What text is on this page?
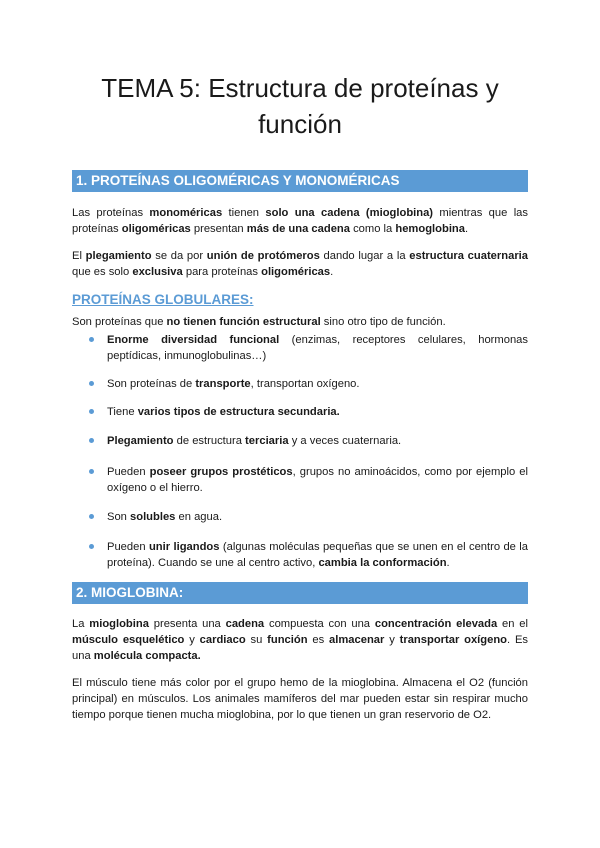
TEMA 5: Estructura de proteínas y función
1. PROTEÍNAS OLIGOMÉRICAS Y MONOMÉRICAS

Las proteínas monoméricas tienen solo una cadena (mioglobina) mientras que las proteínas oligoméricas presentan más de una cadena como la hemoglobina.

El plegamiento se da por unión de protómeros dando lugar a la estructura cuaternaria que es solo exclusiva para proteínas oligoméricas.

PROTEÍNAS GLOBULARES:

Son proteínas que no tienen función estructural sino otro tipo de función.

Enorme diversidad funcional (enzimas, receptores celulares, hormonas peptídicas, inmunoglobulinas…)
Son proteínas de transporte, transportan oxígeno.
Tiene varios tipos de estructura secundaria.
Plegamiento de estructura terciaria y a veces cuaternaria.
Pueden poseer grupos prostéticos, grupos no aminoácidos, como por ejemplo el oxígeno o el hierro.
Son solubles en agua.
Pueden unir ligandos (algunas moléculas pequeñas que se unen en el centro de la proteína). Cuando se une al centro activo, cambia la conformación.
2. MIOGLOBINA:

La mioglobina presenta una cadena compuesta con una concentración elevada en el músculo esquelético y cardiaco su función es almacenar y transportar oxígeno. Es una molécula compacta.

El músculo tiene más color por el grupo hemo de la mioglobina. Almacena el O2 (función principal) en músculos. Los animales mamíferos del mar pueden estar sin respirar mucho tiempo porque tienen mucha mioglobina, por lo que tienen un gran reservorio de O2.
